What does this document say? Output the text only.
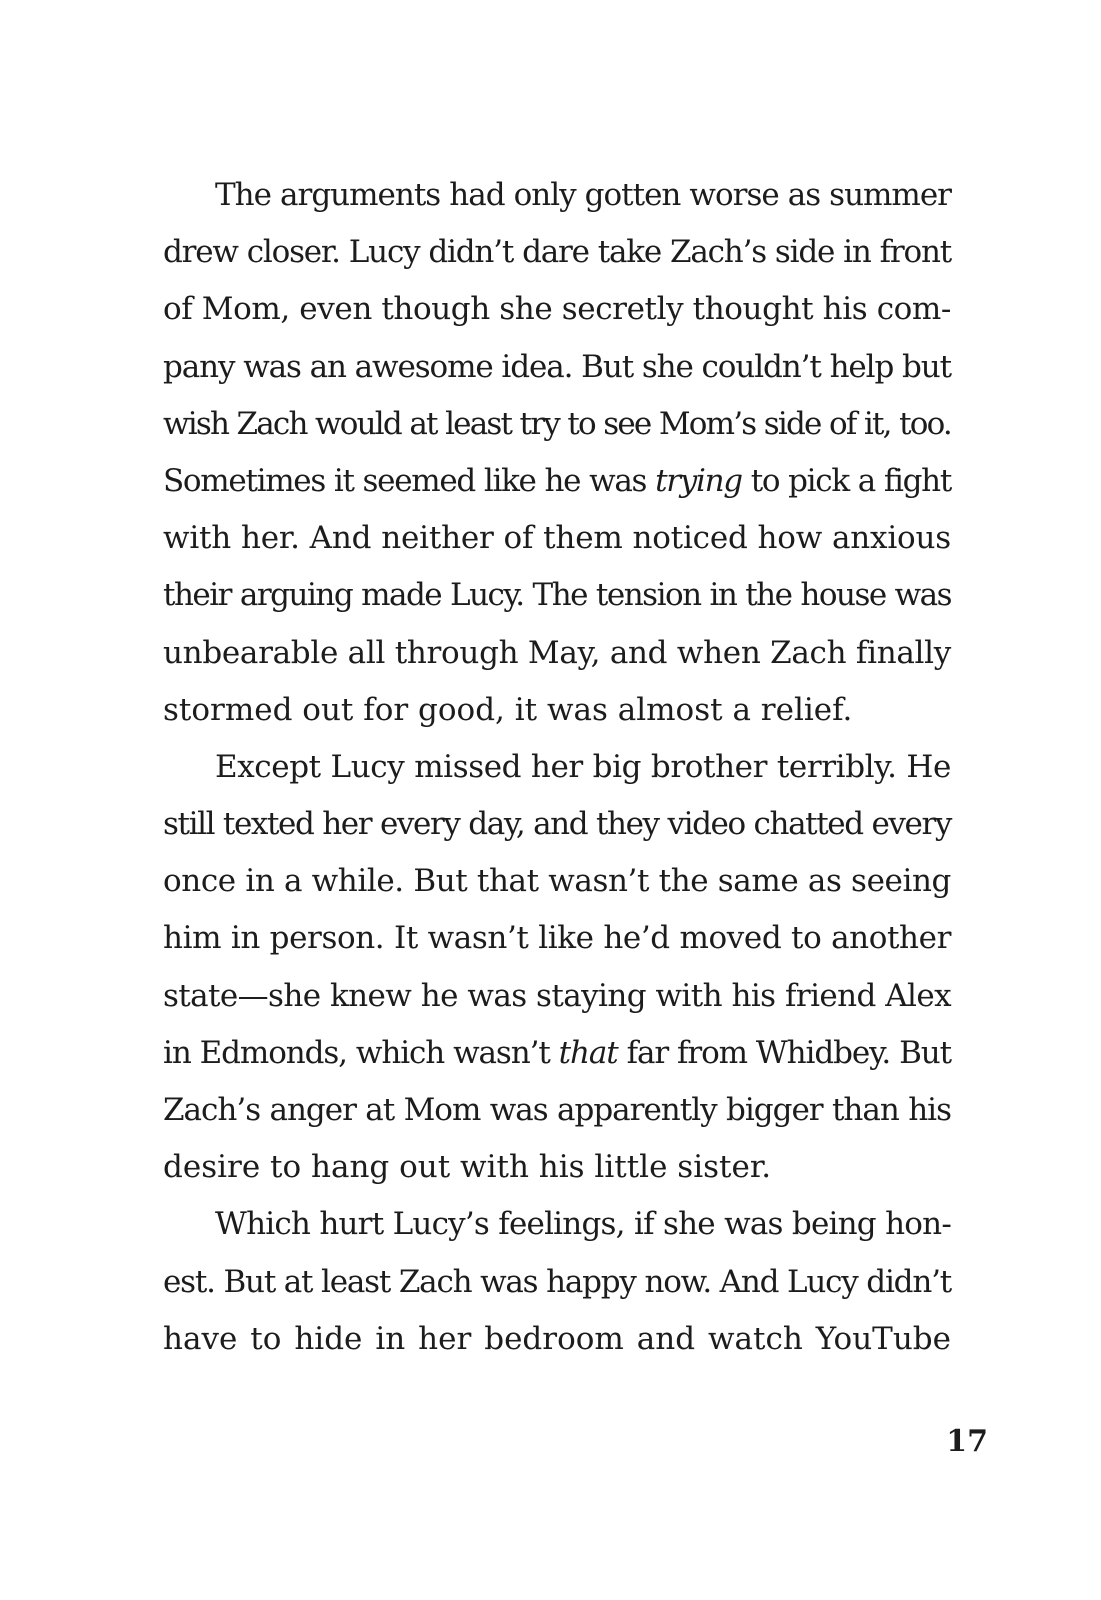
The arguments had only gotten worse as summer
drew closer. Lucy didn’t dare take Zach’s side in front
of Mom, even though she secretly thought his com-
pany was an awesome idea. But she couldn’t help but
wish Zach would at least try to see Mom’s side of it, too.
Sometimes it seemed like he was trying to pick a fight
with her. And neither of them noticed how anxious
their arguing made Lucy. The tension in the house was
unbearable all through May, and when Zach finally
stormed out for good, it was almost a relief.
Except Lucy missed her big brother terribly. He
still texted her every day, and they video chatted every
once in a while. But that wasn’t the same as seeing
him in person. It wasn’t like he’d moved to another
state—she knew he was staying with his friend Alex
in Edmonds, which wasn’t that far from Whidbey. But
Zach’s anger at Mom was apparently bigger than his
desire to hang out with his little sister.
Which hurt Lucy’s feelings, if she was being hon-
est. But at least Zach was happy now. And Lucy didn’t
have to hide in her bedroom and watch YouTube
17
